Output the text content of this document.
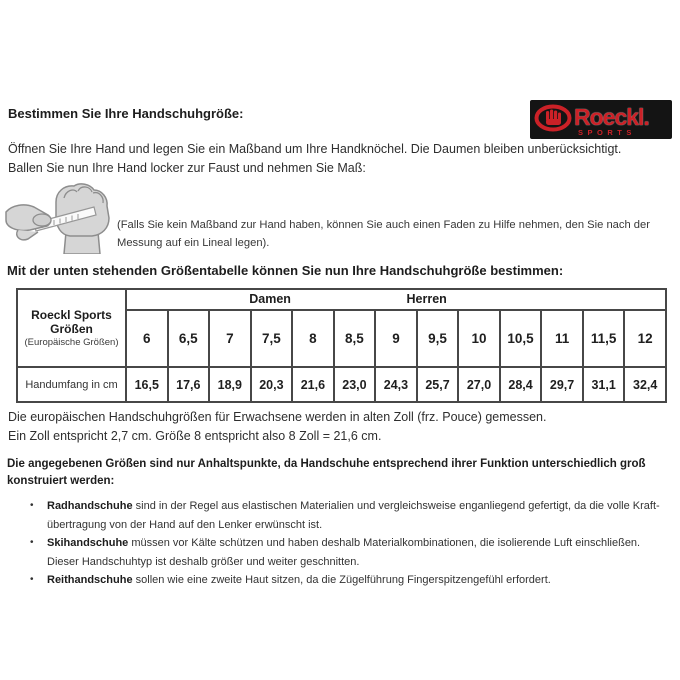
Bestimmen Sie Ihre Handschuhgröße:	Roeckl.
SPORTS
Öffnen Sie Ihre Hand und legen Sie ein Maßband um Ihre Handknöchel. Die Daumen bleiben unberücksichtigt.
Ballen Sie nun Ihre Hand locker zur Faust und nehmen Sie Maß:
(Falls Sie kein Maßband zur Hand haben, können Sie auch einen Faden zu Hilfe nehmen, den Sie nach der Messung auf ein Lineal legen).
Mit der unten stehenden Größentabelle können Sie nun Ihre Handschuhgröße bestimmen:
Roeckl Sports Größen
(Europäische Größen)

Damen	Herren

	6	6,5	7	7,5	8	8,5	9	9,5	10	10,5	11	11,5	12
Handumfang in cm	16,5	17,6	18,9	20,3	21,6	23,0	24,3	25,7	27,0	28,4	29,7	31,1	32,4
Die europäischen Handschuhgrößen für Erwachsene werden in alten Zoll (frz. Pouce) gemessen.
Ein Zoll entspricht 2,7 cm. Größe 8 entspricht also 8 Zoll = 21,6 cm.
Die angegebenen Größen sind nur Anhaltspunkte, da Handschuhe entsprechend ihrer Funktion unterschiedlich groß konstruiert werden:
•	Radhandschuhe sind in der Regel aus elastischen Materialien und vergleichsweise enganliegend gefertigt, da die volle Kraftübertragung von der Hand auf den Lenker erwünscht ist.
•	Skihandschuhe müssen vor Kälte schützen und haben deshalb Materialkombinationen, die isolierende Luft einschließen. Dieser Handschuhtyp ist deshalb größer und weiter geschnitten.
•	Reithandschuhe sollen wie eine zweite Haut sitzen, da die Zügelführung Fingerspitzengefühl erfordert.
